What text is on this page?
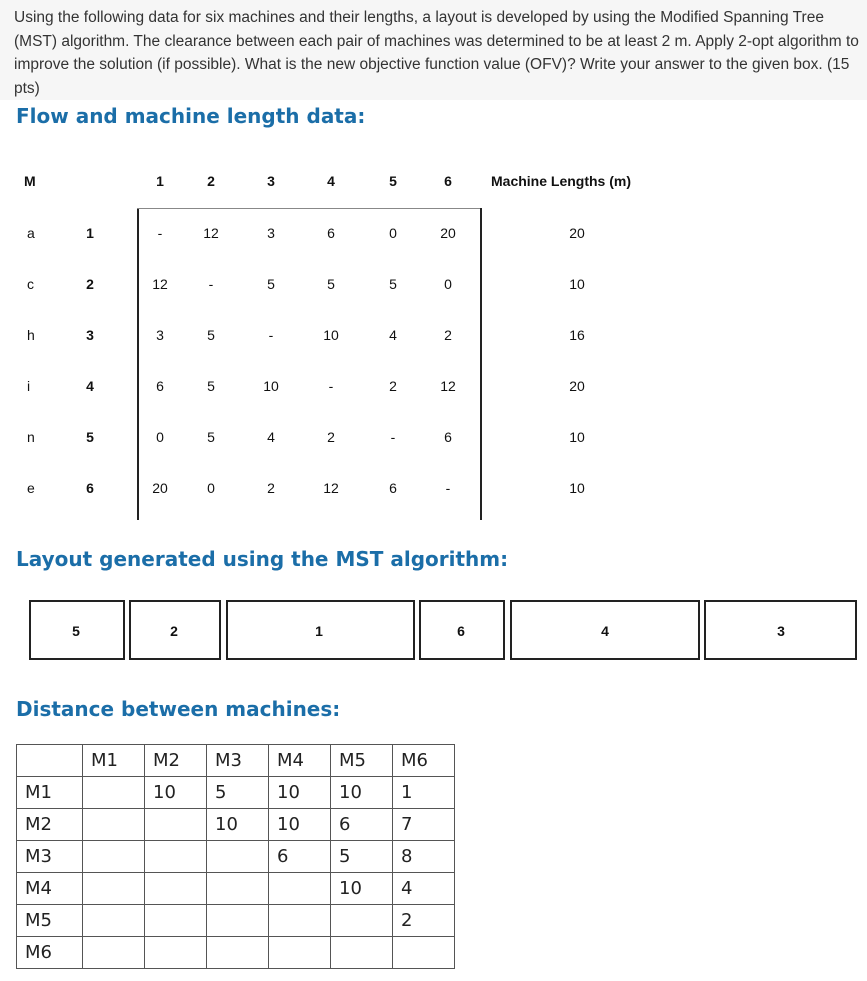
Using the following data for six machines and their lengths, a layout is developed by using the Modified Spanning Tree (MST) algorithm. The clearance between each pair of machines was determined to be at least 2 m. Apply 2-opt algorithm to improve the solution (if possible). What is the new objective function value (OFV)? Write your answer to the given box. (15 pts)
Flow and machine length data:
M	1	2	3	4	5	6	Machine Lengths (m)
a	1	-	12	3	6	0	20	20
c	2	12	-	5	5	5	0	10
h	3	3	5	-	10	4	2	16
i	4	6	5	10	-	2	12	20
n	5	0	5	4	2	-	6	10
e	6	20	0	2	12	6	-	10
Layout generated using the MST algorithm:
5	2	1	6	4	3
Distance between machines:
	M1	M2	M3	M4	M5	M6
M1		10	5	10	10	1
M2			10	10	6	7
M3				6	5	8
M4					10	4
M5						2
M6						
